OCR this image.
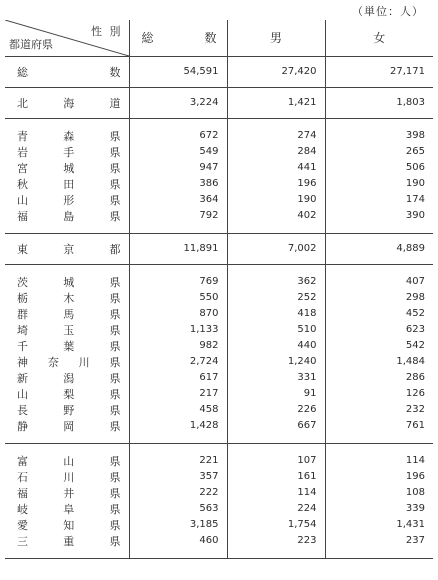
（単位：人）
性 別
都道府県	総 数	男	女

総 数	54,591	27,420	27,171

北 海 道	3,224	1,421	1,803

青 森 県	672	274	398

岩 手 県	549	284	265

宮 城 県	947	441	506

秋 田 県	386	196	190

山 形 県	364	190	174

福 島 県	792	402	390

東 京 都	11,891	7,002	4,889

茨 城 県	769	362	407

栃 木 県	550	252	298

群 馬 県	870	418	452

埼 玉 県	1,133	510	623

千 葉 県	982	440	542

神 奈 川 県	2,724	1,240	1,484

新 潟 県	617	331	286

山 梨 県	217	91	126

長 野 県	458	226	232

静 岡 県	1,428	667	761

富 山 県	221	107	114

石 川 県	357	161	196

福 井 県	222	114	108

岐 阜 県	563	224	339

愛 知 県	3,185	1,754	1,431

三 重 県	460	223	237
